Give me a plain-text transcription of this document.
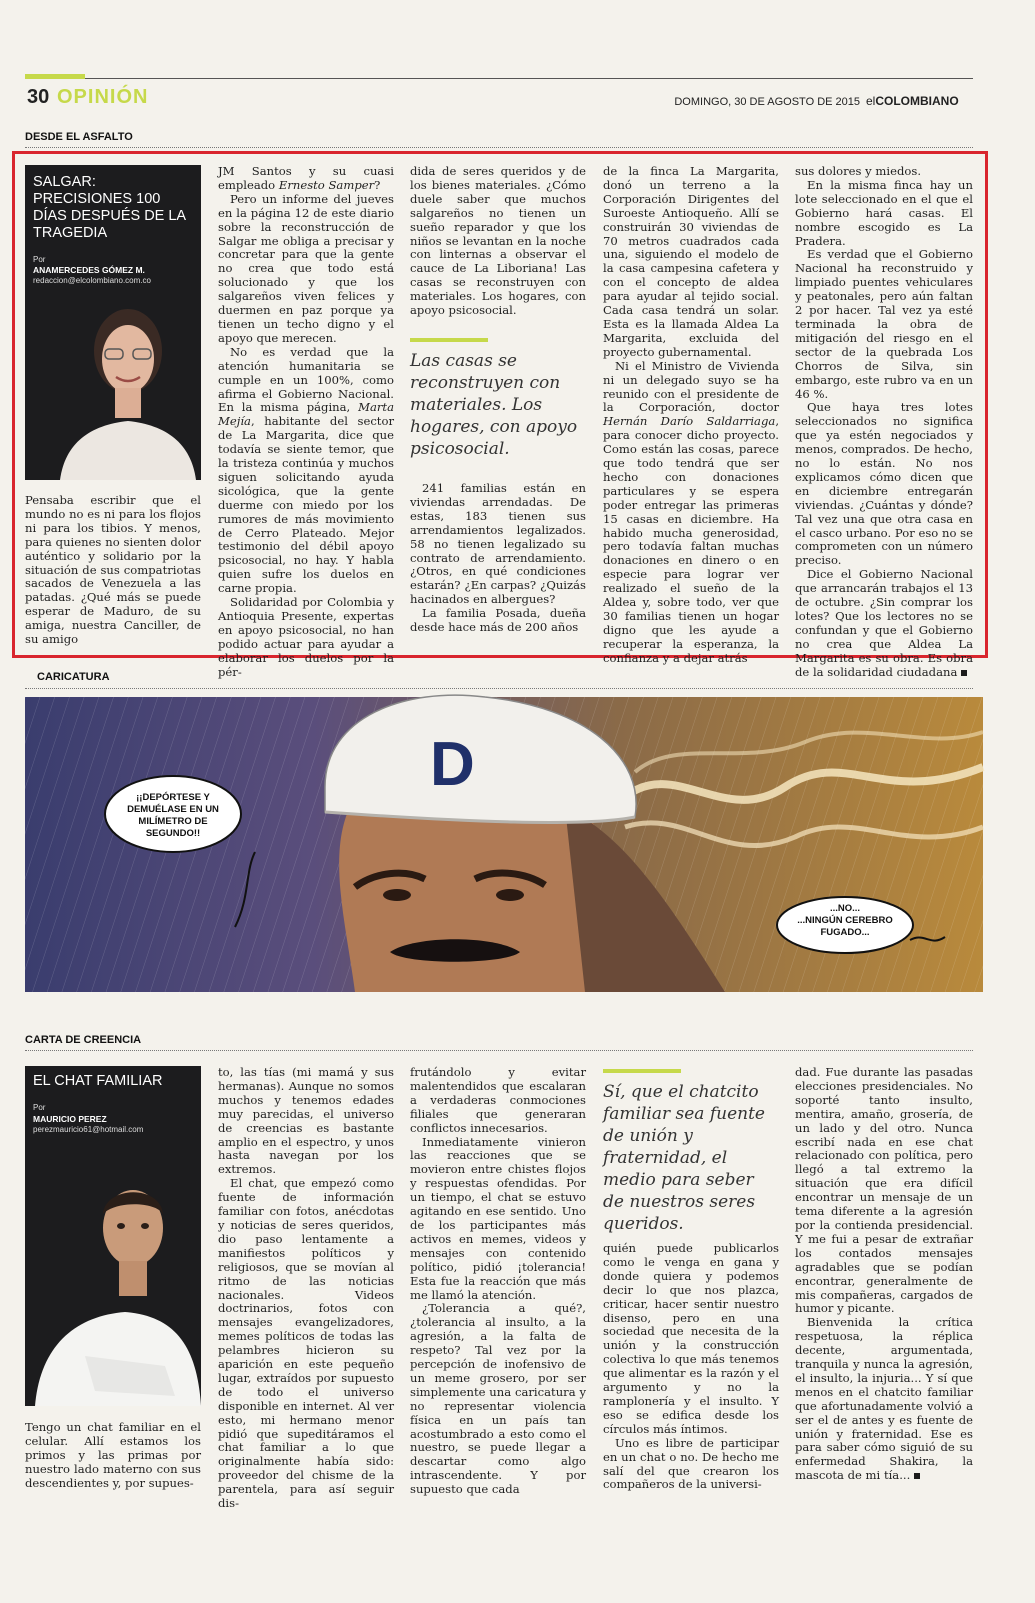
30 OPINIÓN	DOMINGO, 30 DE AGOSTO DE 2015 elCOLOMBIANO
DESDE EL ASFALTO
SALGAR: PRECISIONES 100 DÍAS DESPUÉS DE LA TRAGEDIA
Por
ANAMERCEDES GÓMEZ M.
redaccion@elcolombiano.com.co

Pensaba escribir que el mundo no es ni para los flojos ni para los tibios. Y menos, para quienes no sienten dolor auténtico y solidario por la situación de sus compatriotas sacados de Venezuela a las patadas. ¿Qué más se puede esperar de Maduro, de su amiga, nuestra Canciller, de su amigo

JM Santos y su cuasi empleado Ernesto Samper?

Pero un informe del jueves en la página 12 de este diario sobre la reconstrucción de Salgar me obliga a precisar y concretar para que la gente no crea que todo está solucionado y que los salgareños viven felices y duermen en paz porque ya tienen un techo digno y el apoyo que merecen.

No es verdad que la atención humanitaria se cumple en un 100%, como afirma el Gobierno Nacional. En la misma página, Marta Mejía, habitante del sector de La Margarita, dice que todavía se siente temor, que la tristeza continúa y muchos siguen solicitando ayuda sicológica, que la gente duerme con miedo por los rumores de más movimiento de Cerro Plateado. Mejor testimonio del débil apoyo psicosocial, no hay. Y habla quien sufre los duelos en carne propia.

Solidaridad por Colombia y Antioquia Presente, expertas en apoyo psicosocial, no han podido actuar para ayudar a elaborar los duelos por la pér-

dida de seres queridos y de los bienes materiales. ¿Cómo duele saber que muchos salgareños no tienen un sueño reparador y que los niños se levantan en la noche con linternas a observar el cauce de La Liboriana! Las casas se reconstruyen con materiales. Los hogares, con apoyo psicosocial.

Las casas se reconstruyen con materiales. Los hogares, con apoyo psicosocial.

241 familias están en viviendas arrendadas. De estas, 183 tienen sus arrendamientos legalizados. 58 no tienen legalizado su contrato de arrendamiento. ¿Otros, en qué condiciones estarán? ¿En carpas? ¿Quizás hacinados en albergues?

La familia Posada, dueña desde hace más de 200 años

de la finca La Margarita, donó un terreno a la Corporación Dirigentes del Suroeste Antioqueño. Allí se construirán 30 viviendas de 70 metros cuadrados cada una, siguiendo el modelo de la casa campesina cafetera y con el concepto de aldea para ayudar al tejido social. Cada casa tendrá un solar. Esta es la llamada Aldea La Margarita, excluida del proyecto gubernamental.

Ni el Ministro de Vivienda ni un delegado suyo se ha reunido con el presidente de la Corporación, doctor Hernán Darío Saldarriaga, para conocer dicho proyecto. Como están las cosas, parece que todo tendrá que ser hecho con donaciones particulares y se espera poder entregar las primeras 15 casas en diciembre. Ha habido mucha generosidad, pero todavía faltan muchas donaciones en dinero o en especie para lograr ver realizado el sueño de la Aldea y, sobre todo, ver que 30 familias tienen un hogar digno que les ayude a recuperar la esperanza, la confianza y a dejar atrás

sus dolores y miedos.

En la misma finca hay un lote seleccionado en el que el Gobierno hará casas. El nombre escogido es La Pradera.

Es verdad que el Gobierno Nacional ha reconstruido y limpiado puentes vehiculares y peatonales, pero aún faltan 2 por hacer. Tal vez ya esté terminada la obra de mitigación del riesgo en el sector de la quebrada Los Chorros de Silva, sin embargo, este rubro va en un 46 %.

Que haya tres lotes seleccionados no significa que ya estén negociados y menos, comprados. De hecho, no lo están. No nos explicamos cómo dicen que en diciembre entregarán viviendas. ¿Cuántas y dónde? Tal vez una que otra casa en el casco urbano. Por eso no se comprometen con un número preciso.

Dice el Gobierno Nacional que arrancarán trabajos el 13 de octubre. ¿Sin comprar los lotes? Que los lectores no se confundan y que el Gobierno no crea que Aldea La Margarita es su obra. Es obra de la solidaridad ciudadana

CARICATURA
D
¡¡DEPÓRTESE Y DEMUÉLASE EN UN MILÍMETRO DE SEGUNDO!!
...NO...
...NINGÚN CEREBRO FUGADO...
CARTA DE CREENCIA
EL CHAT FAMILIAR
Por
MAURICIO PEREZ
perezmauricio61@hotmail.com

Tengo un chat familiar en el celular. Allí estamos los primos y las primas por nuestro lado materno con sus descendientes y, por supues-

to, las tías (mi mamá y sus hermanas). Aunque no somos muchos y tenemos edades muy parecidas, el universo de creencias es bastante amplio en el espectro, y unos hasta navegan por los extremos.

El chat, que empezó como fuente de información familiar con fotos, anécdotas y noticias de seres queridos, dio paso lentamente a manifiestos políticos y religiosos, que se movían al ritmo de las noticias nacionales. Videos doctrinarios, fotos con mensajes evangelizadores, memes políticos de todas las pelambres hicieron su aparición en este pequeño lugar, extraídos por supuesto de todo el universo disponible en internet. Al ver esto, mi hermano menor pidió que supeditáramos el chat familiar a lo que originalmente había sido: proveedor del chisme de la parentela, para así seguir dis-

frutándolo y evitar malentendidos que escalaran a verdaderas conmociones filiales que generaran conflictos innecesarios.

Inmediatamente vinieron las reacciones que se movieron entre chistes flojos y respuestas ofendidas. Por un tiempo, el chat se estuvo agitando en ese sentido. Uno de los participantes más activos en memes, videos y mensajes con contenido político, pidió ¡tolerancia! Esta fue la reacción que más me llamó la atención.

¿Tolerancia a qué?, ¿tolerancia al insulto, a la agresión, a la falta de respeto? Tal vez por la percepción de inofensivo de un meme grosero, por ser simplemente una caricatura y no representar violencia física en un país tan acostumbrado a esto como el nuestro, se puede llegar a descartar como algo intrascendente. Y por supuesto que cada

Sí, que el chatcito familiar sea fuente de unión y fraternidad, el medio para seber de nuestros seres queridos.

quién puede publicarlos como le venga en gana y donde quiera y podemos decir lo que nos plazca, criticar, hacer sentir nuestro disenso, pero en una sociedad que necesita de la unión y la construcción colectiva lo que más tenemos que alimentar es la razón y el argumento y no la ramplonería y el insulto. Y eso se edifica desde los círculos más íntimos.

Uno es libre de participar en un chat o no. De hecho me salí del que crearon los compañeros de la universi-

dad. Fue durante las pasadas elecciones presidenciales. No soporté tanto insulto, mentira, amaño, grosería, de un lado y del otro. Nunca escribí nada en ese chat relacionado con política, pero llegó a tal extremo la situación que era difícil encontrar un mensaje de un tema diferente a la agresión por la contienda presidencial. Y me fui a pesar de extrañar los contados mensajes agradables que se podían encontrar, generalmente de mis compañeras, cargados de humor y picante.

Bienvenida la crítica respetuosa, la réplica decente, argumentada, tranquila y nunca la agresión, el insulto, la injuria... Y sí que menos en el chatcito familiar que afortunadamente volvió a ser el de antes y es fuente de unión y fraternidad. Ese es para saber cómo siguió de su enfermedad Shakira, la mascota de mi tía...
